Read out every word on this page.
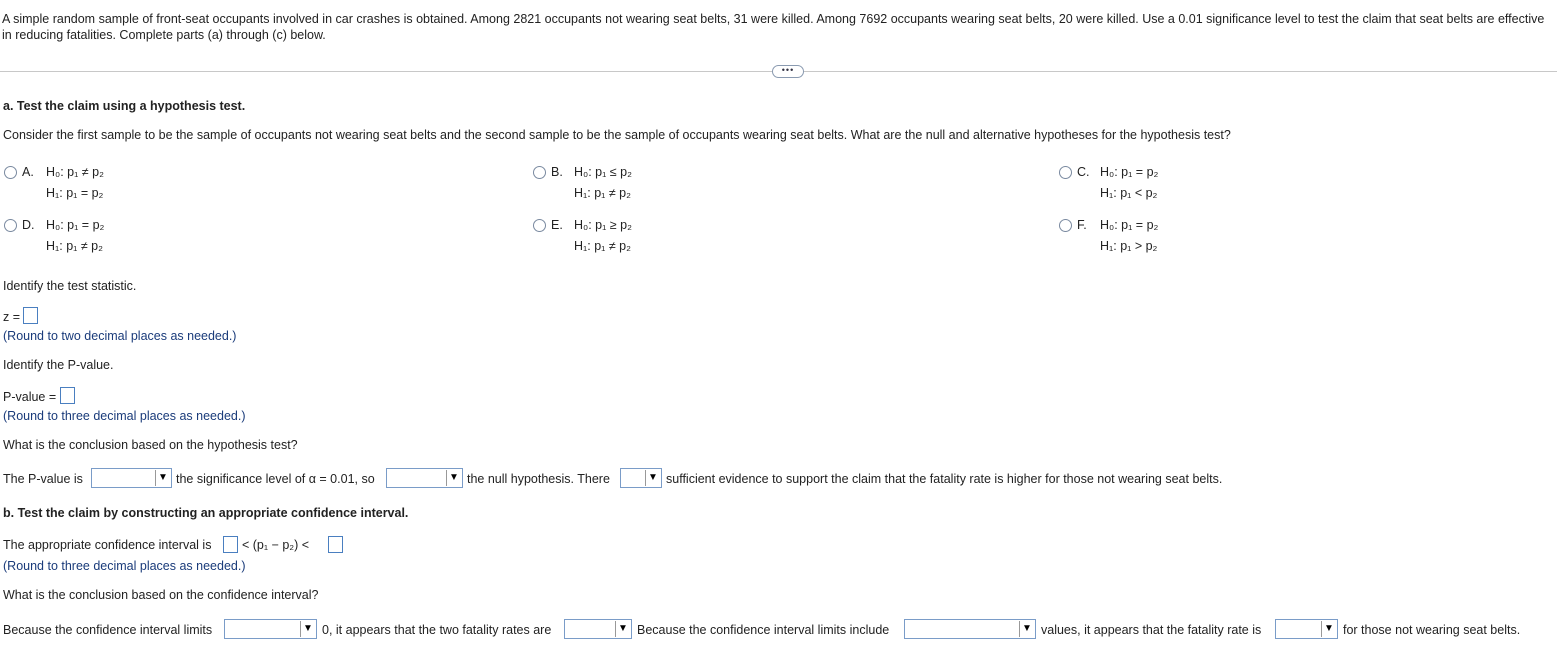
A simple random sample of front-seat occupants involved in car crashes is obtained. Among 2821 occupants not wearing seat belts, 31 were killed. Among 7692 occupants wearing seat belts, 20 were killed. Use a 0.01 significance level to test the claim that seat belts are effective in reducing fatalities. Complete parts (a) through (c) below.
•••
a. Test the claim using a hypothesis test.
Consider the first sample to be the sample of occupants not wearing seat belts and the second sample to be the sample of occupants wearing seat belts. What are the null and alternative hypotheses for the hypothesis test?
A. H₀: p₁ ≠ p₂
H₁: p₁ = p₂
B. H₀: p₁ ≤ p₂
H₁: p₁ ≠ p₂
C. H₀: p₁ = p₂
H₁: p₁ < p₂
D. H₀: p₁ = p₂
H₁: p₁ ≠ p₂
E. H₀: p₁ ≥ p₂
H₁: p₁ ≠ p₂
F. H₀: p₁ = p₂
H₁: p₁ > p₂
Identify the test statistic.
z =
(Round to two decimal places as needed.)
Identify the P-value.
P-value =
(Round to three decimal places as needed.)
What is the conclusion based on the hypothesis test?
The P-value is	▼ the significance level of α = 0.01, so	▼ the null hypothesis. There	▼ sufficient evidence to support the claim that the fatality rate is higher for those not wearing seat belts.
b. Test the claim by constructing an appropriate confidence interval.
The appropriate confidence interval is < (p₁ − p₂) <
(Round to three decimal places as needed.)
What is the conclusion based on the confidence interval?
Because the confidence interval limits	▼ 0, it appears that the two fatality rates are	▼ Because the confidence interval limits include	▼ values, it appears that the fatality rate is	▼ for those not wearing seat belts.
